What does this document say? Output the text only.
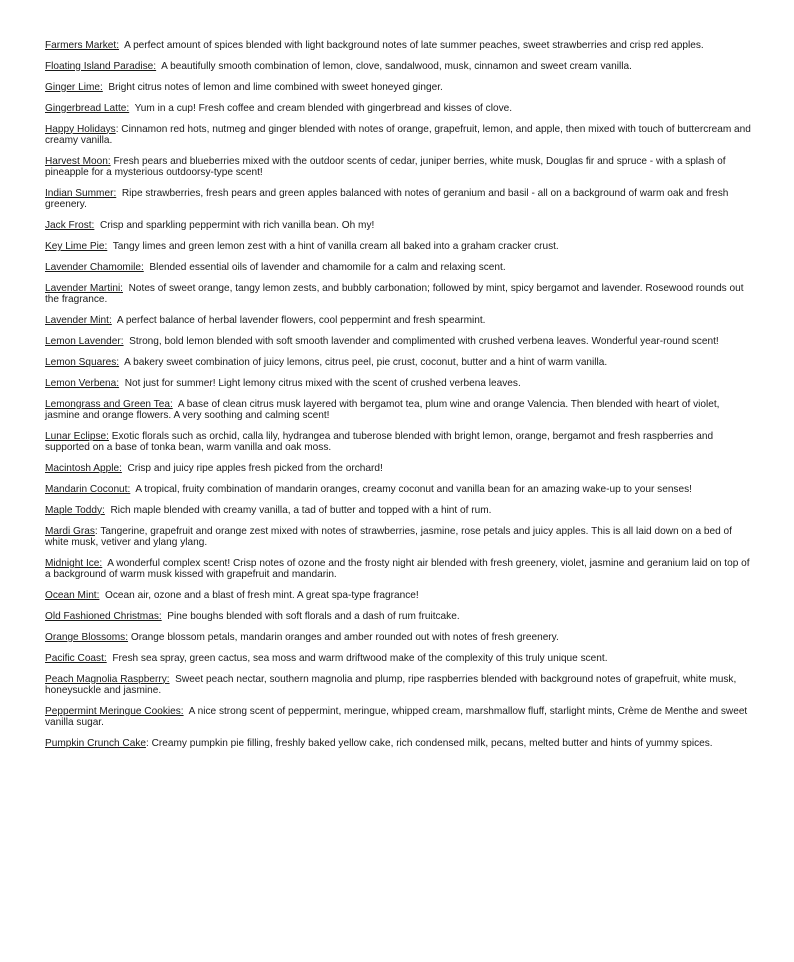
Farmers Market: A perfect amount of spices blended with light background notes of late summer peaches, sweet strawberries and crisp red apples.

Floating Island Paradise: A beautifully smooth combination of lemon, clove, sandalwood, musk, cinnamon and sweet cream vanilla.

Ginger Lime: Bright citrus notes of lemon and lime combined with sweet honeyed ginger.

Gingerbread Latte: Yum in a cup! Fresh coffee and cream blended with gingerbread and kisses of clove.

Happy Holidays: Cinnamon red hots, nutmeg and ginger blended with notes of orange, grapefruit, lemon, and apple, then mixed with touch of buttercream and creamy vanilla.

Harvest Moon: Fresh pears and blueberries mixed with the outdoor scents of cedar, juniper berries, white musk, Douglas fir and spruce - with a splash of pineapple for a mysterious outdoorsy-type scent!

Indian Summer: Ripe strawberries, fresh pears and green apples balanced with notes of geranium and basil - all on a background of warm oak and fresh greenery.

Jack Frost: Crisp and sparkling peppermint with rich vanilla bean. Oh my!

Key Lime Pie: Tangy limes and green lemon zest with a hint of vanilla cream all baked into a graham cracker crust.

Lavender Chamomile: Blended essential oils of lavender and chamomile for a calm and relaxing scent.

Lavender Martini: Notes of sweet orange, tangy lemon zests, and bubbly carbonation; followed by mint, spicy bergamot and lavender. Rosewood rounds out the fragrance.

Lavender Mint: A perfect balance of herbal lavender flowers, cool peppermint and fresh spearmint.

Lemon Lavender: Strong, bold lemon blended with soft smooth lavender and complimented with crushed verbena leaves. Wonderful year-round scent!

Lemon Squares: A bakery sweet combination of juicy lemons, citrus peel, pie crust, coconut, butter and a hint of warm vanilla.

Lemon Verbena: Not just for summer! Light lemony citrus mixed with the scent of crushed verbena leaves.

Lemongrass and Green Tea: A base of clean citrus musk layered with bergamot tea, plum wine and orange Valencia. Then blended with heart of violet, jasmine and orange flowers. A very soothing and calming scent!

Lunar Eclipse: Exotic florals such as orchid, calla lily, hydrangea and tuberose blended with bright lemon, orange, bergamot and fresh raspberries and supported on a base of tonka bean, warm vanilla and oak moss.

Macintosh Apple: Crisp and juicy ripe apples fresh picked from the orchard!

Mandarin Coconut: A tropical, fruity combination of mandarin oranges, creamy coconut and vanilla bean for an amazing wake-up to your senses!

Maple Toddy: Rich maple blended with creamy vanilla, a tad of butter and topped with a hint of rum.

Mardi Gras: Tangerine, grapefruit and orange zest mixed with notes of strawberries, jasmine, rose petals and juicy apples. This is all laid down on a bed of white musk, vetiver and ylang ylang.

Midnight Ice: A wonderful complex scent! Crisp notes of ozone and the frosty night air blended with fresh greenery, violet, jasmine and geranium laid on top of a background of warm musk kissed with grapefruit and mandarin.

Ocean Mint: Ocean air, ozone and a blast of fresh mint. A great spa-type fragrance!

Old Fashioned Christmas: Pine boughs blended with soft florals and a dash of rum fruitcake.

Orange Blossoms: Orange blossom petals, mandarin oranges and amber rounded out with notes of fresh greenery.

Pacific Coast: Fresh sea spray, green cactus, sea moss and warm driftwood make of the complexity of this truly unique scent.

Peach Magnolia Raspberry: Sweet peach nectar, southern magnolia and plump, ripe raspberries blended with background notes of grapefruit, white musk, honeysuckle and jasmine.

Peppermint Meringue Cookies: A nice strong scent of peppermint, meringue, whipped cream, marshmallow fluff, starlight mints, Crème de Menthe and sweet vanilla sugar.

Pumpkin Crunch Cake: Creamy pumpkin pie filling, freshly baked yellow cake, rich condensed milk, pecans, melted butter and hints of yummy spices.
